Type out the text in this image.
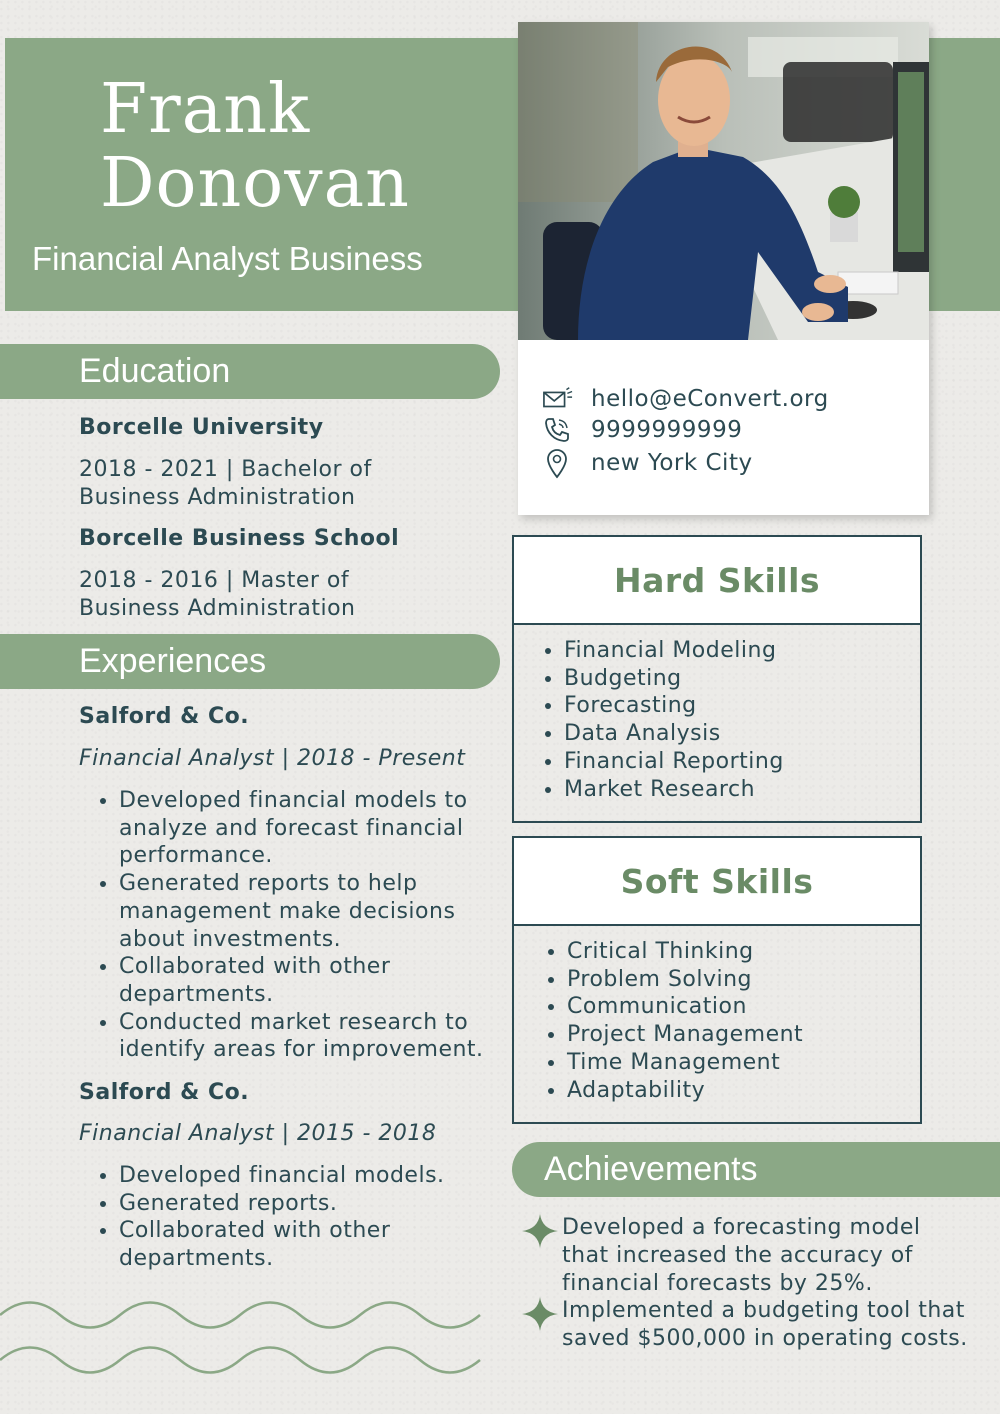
Frank
Donovan
Financial Analyst Business
hello@eConvert.org
9999999999
new York City
Education
Borcelle University
2018 - 2021 | Bachelor of
Business Administration
Borcelle Business School
2018 - 2016 | Master of
Business Administration
Experiences
Salford & Co.
Financial Analyst | 2018 - Present
• Developed financial models to analyze and forecast financial performance.
• Generated reports to help management make decisions about investments.
• Collaborated with other departments.
• Conducted market research to identify areas for improvement.
Salford & Co.
Financial Analyst | 2015 - 2018
• Developed financial models.
• Generated reports.
• Collaborated with other departments.
Hard Skills
• Financial Modeling
• Budgeting
• Forecasting
• Data Analysis
• Financial Reporting
• Market Research
Soft Skills
• Critical Thinking
• Problem Solving
• Communication
• Project Management
• Time Management
• Adaptability
Achievements
Developed a forecasting model that increased the accuracy of financial forecasts by 25%.
Implemented a budgeting tool that saved $500,000 in operating costs.
